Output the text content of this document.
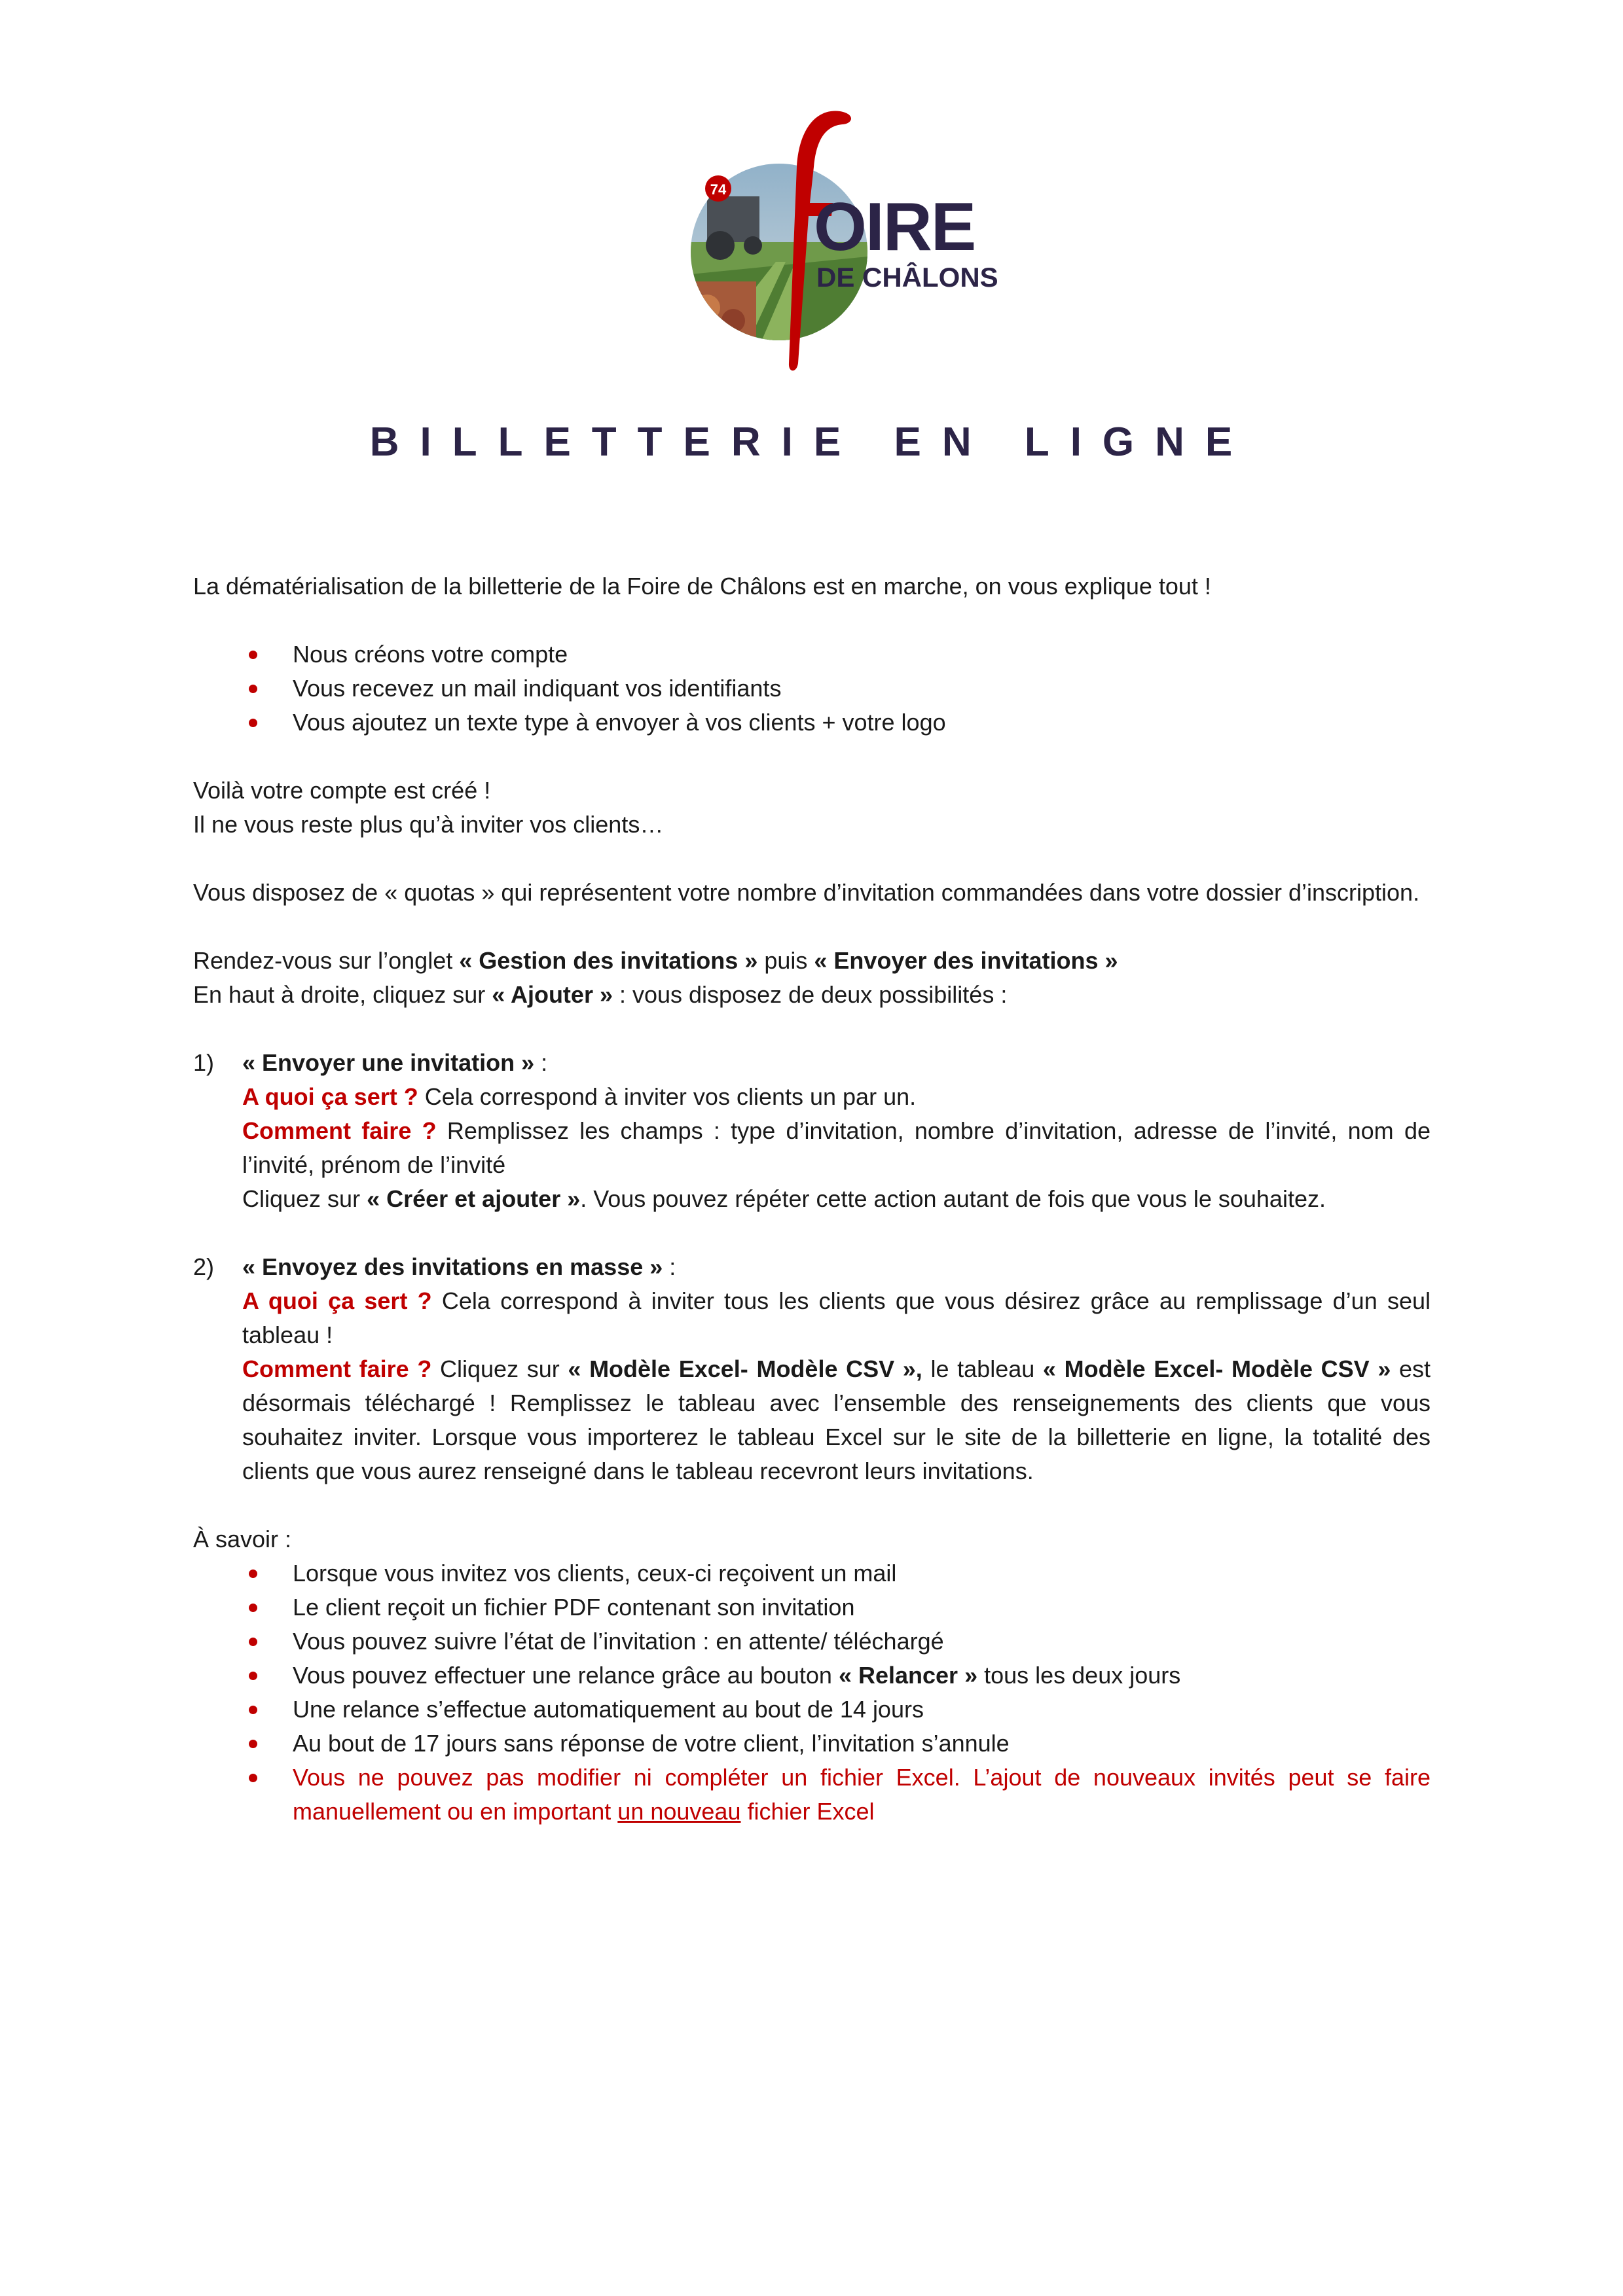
74 OIRE
DE CHÂLONS
BILLETTERIE EN LIGNE

La dématérialisation de la billetterie de la Foire de Châlons est en marche, on vous explique tout !

Nous créons votre compte
Vous recevez un mail indiquant vos identifiants
Vous ajoutez un texte type à envoyer à vos clients + votre logo

Voilà votre compte est créé !

Il ne vous reste plus qu’à inviter vos clients…

Vous disposez de « quotas » qui représentent votre nombre d’invitation commandées dans votre dossier d’inscription.

Rendez-vous sur l’onglet « Gestion des invitations » puis « Envoyer des invitations »

En haut à droite, cliquez sur « Ajouter » : vous disposez de deux possibilités :

1) « Envoyer une invitation » :

A quoi ça sert ? Cela correspond à inviter vos clients un par un.

Comment faire ? Remplissez les champs : type d’invitation, nombre d’invitation, adresse de l’invité, nom de l’invité, prénom de l’invité

Cliquez sur « Créer et ajouter ». Vous pouvez répéter cette action autant de fois que vous le souhaitez.

2) « Envoyez des invitations en masse » :

A quoi ça sert ? Cela correspond à inviter tous les clients que vous désirez grâce au remplissage d’un seul tableau !

Comment faire ? Cliquez sur « Modèle Excel- Modèle CSV », le tableau « Modèle Excel- Modèle CSV » est désormais téléchargé ! Remplissez le tableau avec l’ensemble des renseignements des clients que vous souhaitez inviter. Lorsque vous importerez le tableau Excel sur le site de la billetterie en ligne, la totalité des clients que vous aurez renseigné dans le tableau recevront leurs invitations.

À savoir :

Lorsque vous invitez vos clients, ceux-ci reçoivent un mail
Le client reçoit un fichier PDF contenant son invitation
Vous pouvez suivre l’état de l’invitation : en attente/ téléchargé
Vous pouvez effectuer une relance grâce au bouton « Relancer » tous les deux jours
Une relance s’effectue automatiquement au bout de 14 jours
Au bout de 17 jours sans réponse de votre client, l’invitation s’annule
Vous ne pouvez pas modifier ni compléter un fichier Excel. L’ajout de nouveaux invités peut se faire manuellement ou en important un nouveau fichier Excel
